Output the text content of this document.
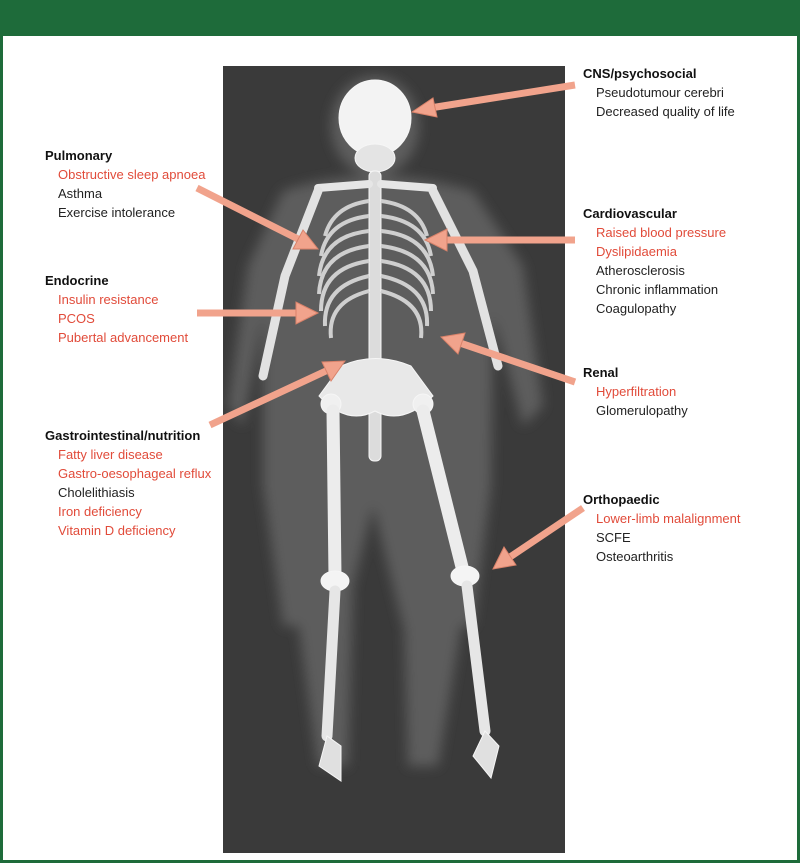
CNS/psychosocial
Pseudotumour cerebri
Decreased quality of life
Pulmonary
Obstructive sleep apnoea
Asthma
Exercise intolerance	Cardiovascular
Raised blood pressure
Dyslipidaemia
Atherosclerosis
Chronic inflammation
Coagulopathy
Endocrine
Insulin resistance
PCOS
Pubertal advancement
Renal
Hyperfiltration
Glomerulopathy
Gastrointestinal/nutrition
Fatty liver disease
Gastro-oesophageal reflux
Cholelithiasis
Iron deficiency
Vitamin D deficiency
Orthopaedic
Lower-limb malalignment
SCFE
Osteoarthritis
